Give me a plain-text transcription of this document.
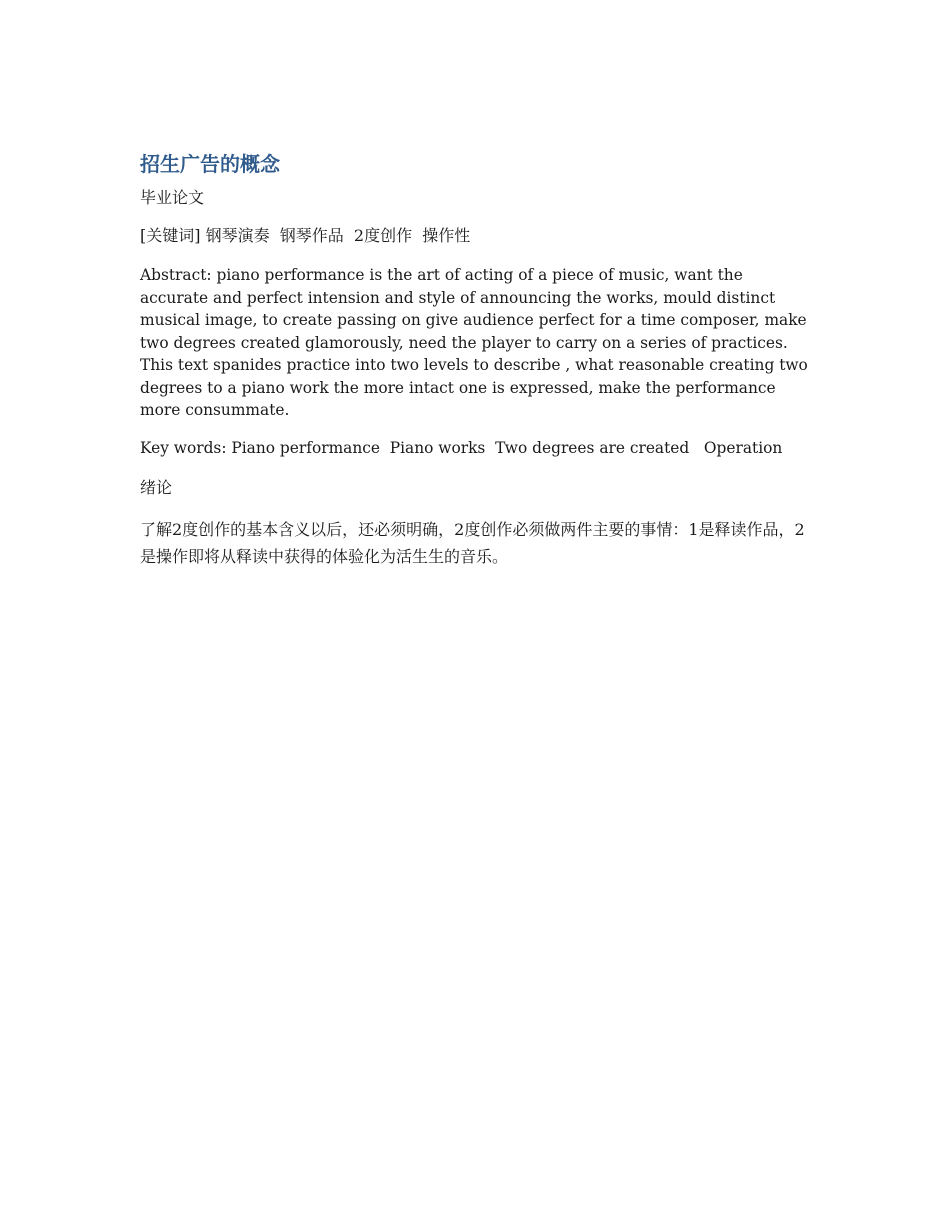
招生广告的概念

毕业论文

[关键词] 钢琴演奏  钢琴作品  2度创作  操作性

Abstract: piano performance is the art of acting of a piece of music, want the accurate and perfect intension and style of announcing the works, mould distinct musical image, to create passing on give audience perfect for a time composer, make two degrees created glamorously, need the player to carry on a series of practices. This text spanides practice into two levels to describe , what reasonable creating two degrees to a piano work the more intact one is expressed, make the performance more consummate.

Key words: Piano performance  Piano works  Two degrees are created   Operation

绪论

了解2度创作的基本含义以后，还必须明确，2度创作必须做两件主要的事情：1是释读作品，2是操作即将从释读中获得的体验化为活生生的音乐。
